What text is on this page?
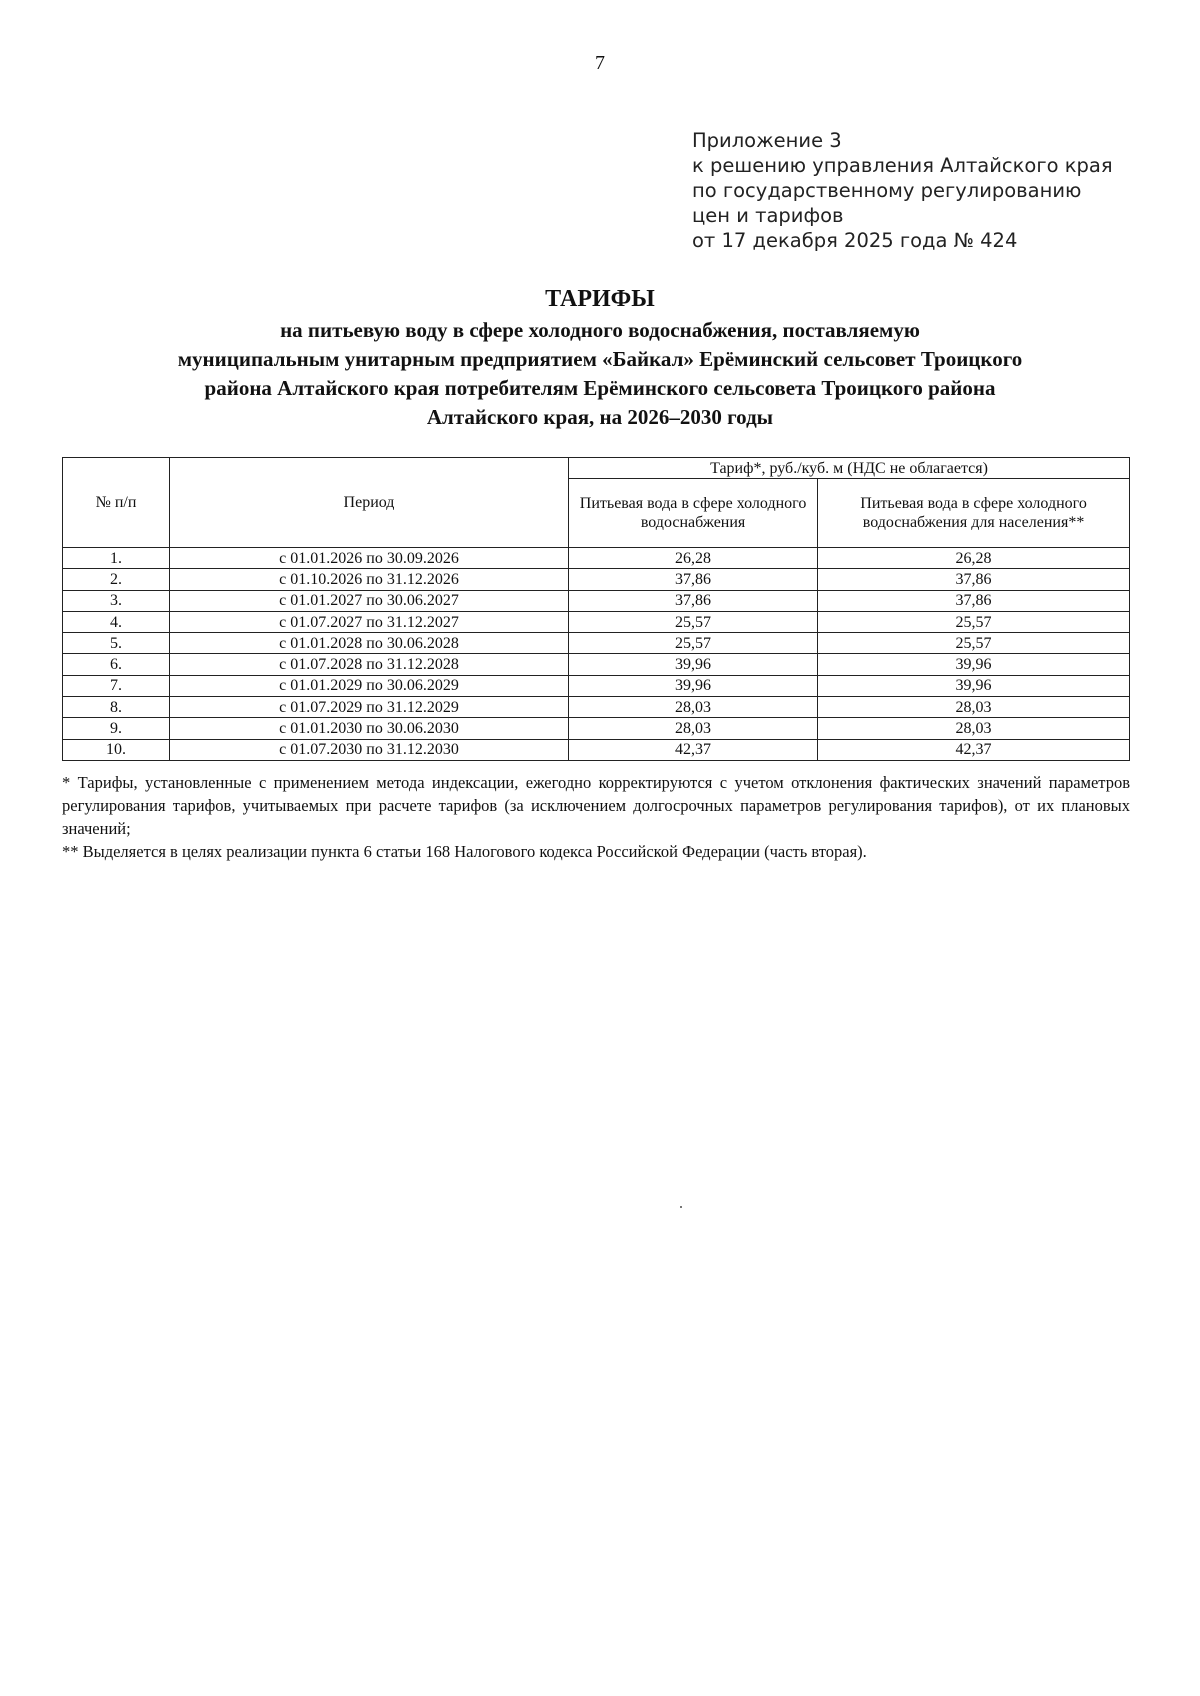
7
Приложение 3
к решению управления Алтайского края
по государственному регулированию
цен и тарифов
от 17 декабря 2025 года № 424
ТАРИФЫ
на питьевую воду в сфере холодного водоснабжения, поставляемую
муниципальным унитарным предприятием «Байкал» Ерёминский сельсовет Троицкого
района Алтайского края потребителям Ерёминского сельсовета Троицкого района
Алтайского края, на 2026–2030 годы
№ п/п	Период	Тариф*, руб./куб. м (НДС не облагается)	
		Питьевая вода в сфере холодного водоснабжения	Питьевая вода в сфере холодного водоснабжения для населения**
1.	с 01.01.2026 по 30.09.2026	26,28	26,28
2.	с 01.10.2026 по 31.12.2026	37,86	37,86
3.	с 01.01.2027 по 30.06.2027	37,86	37,86
4.	с 01.07.2027 по 31.12.2027	25,57	25,57
5.	с 01.01.2028 по 30.06.2028	25,57	25,57
6.	с 01.07.2028 по 31.12.2028	39,96	39,96
7.	с 01.01.2029 по 30.06.2029	39,96	39,96
8.	с 01.07.2029 по 31.12.2029	28,03	28,03
9.	с 01.01.2030 по 30.06.2030	28,03	28,03
10.	с 01.07.2030 по 31.12.2030	42,37	42,37

* Тарифы, установленные с применением метода индексации, ежегодно корректируются с учетом отклонения фактических значений параметров регулирования тарифов, учитываемых при расчете тарифов (за исключением долгосрочных параметров регулирования тарифов), от их плановых значений;

** Выделяется в целях реализации пункта 6 статьи 168 Налогового кодекса Российской Федерации (часть вторая).
